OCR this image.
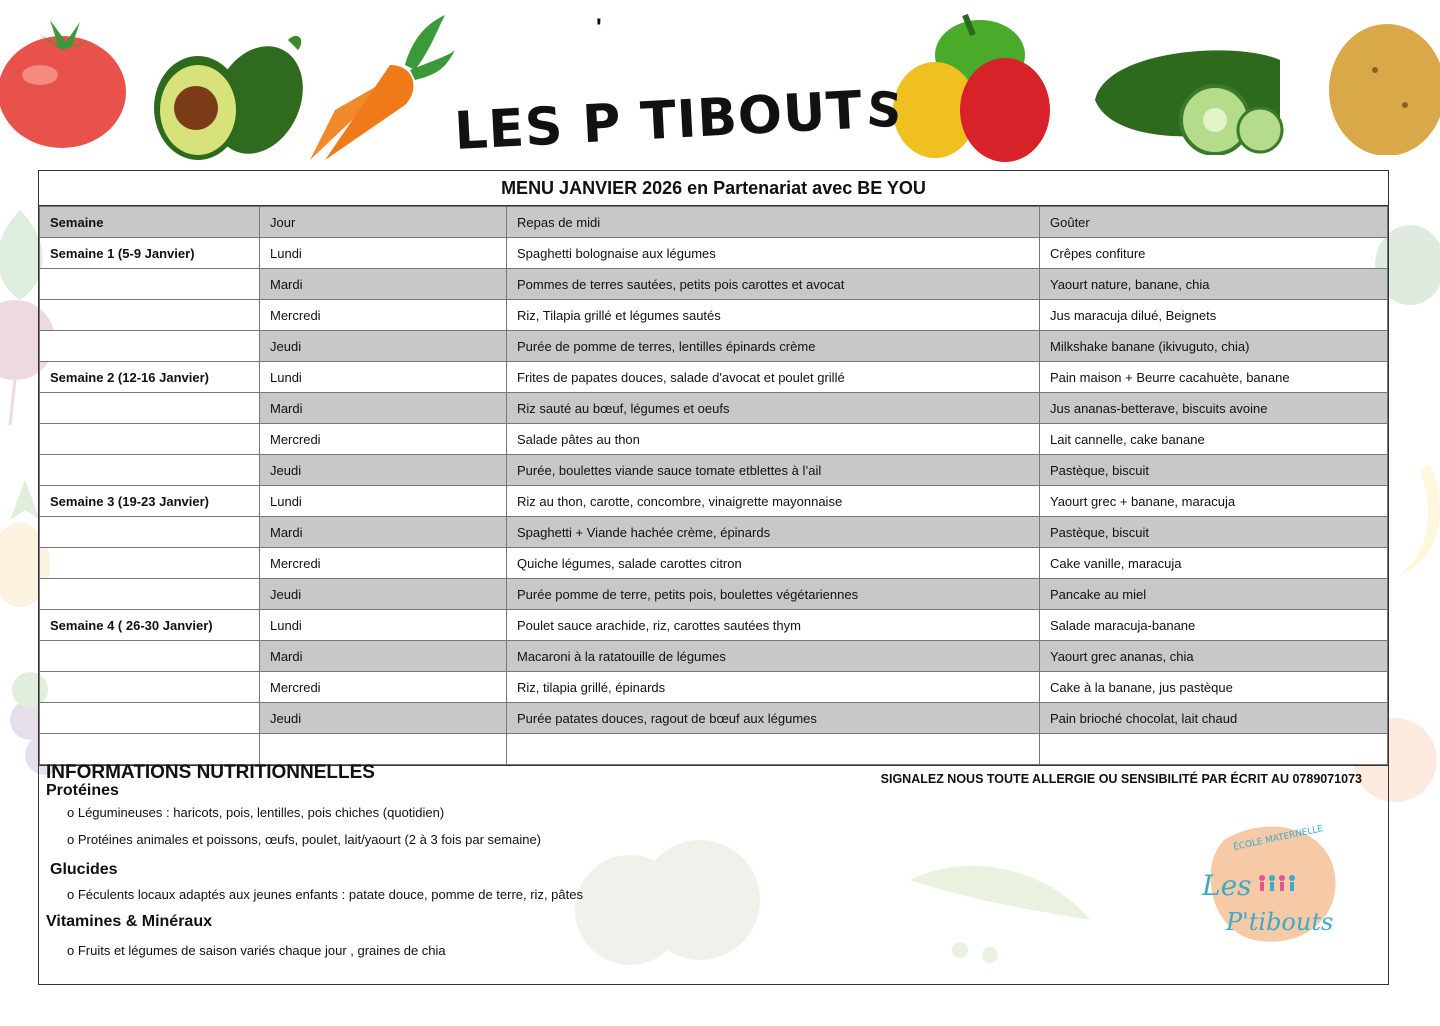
'
LES P TIBOUTS
MENU JANVIER 2026 en Partenariat avec BE YOU
Semaine	Jour	Repas de midi	Goûter
Semaine 1 (5-9 Janvier)	Lundi	Spaghetti bolognaise aux légumes	Crêpes confiture
	Mardi	Pommes de terres sautées, petits pois carottes et avocat	Yaourt nature, banane, chia
	Mercredi	Riz, Tilapia grillé et légumes sautés	Jus maracuja dilué, Beignets
	Jeudi	Purée de pomme de terres, lentilles épinards crème	Milkshake banane (ikivuguto, chia)
Semaine 2 (12-16 Janvier)	Lundi	Frites de papates douces, salade d'avocat et poulet grillé	Pain maison + Beurre cacahuète, banane
	Mardi	Riz sauté au bœuf, légumes et oeufs	Jus ananas-betterave, biscuits avoine
	Mercredi	Salade pâtes au thon	Lait cannelle, cake banane
	Jeudi	Purée, boulettes viande sauce tomate etblettes à l’ail	Pastèque, biscuit
Semaine 3 (19-23 Janvier)	Lundi	Riz au thon, carotte, concombre, vinaigrette mayonnaise	Yaourt grec + banane, maracuja
	Mardi	Spaghetti + Viande hachée crème, épinards	Pastèque, biscuit
	Mercredi	Quiche légumes, salade carottes citron	Cake vanille, maracuja
	Jeudi	Purée pomme de terre, petits pois, boulettes végétariennes	Pancake au miel
Semaine 4 ( 26-30 Janvier)	Lundi	Poulet sauce arachide, riz, carottes sautées thym	Salade maracuja-banane
	Mardi	Macaroni à la ratatouille de légumes	Yaourt grec ananas, chia
	Mercredi	Riz, tilapia grillé, épinards	Cake à la banane, jus pastèque
	Jeudi	Purée patates douces, ragout de bœuf aux légumes	Pain brioché chocolat, lait chaud

INFORMATIONS NUTRITIONNELLES	SIGNALEZ NOUS TOUTE ALLERGIE OU SENSIBILITÉ PAR ÉCRIT AU 0789071073
Protéines
o Légumineuses : haricots, pois, lentilles, pois chiches (quotidien)
o Protéines animales et poissons, œufs, poulet, lait/yaourt (2 à 3 fois par semaine)
Glucides
o Féculents locaux adaptés aux jeunes enfants : patate douce, pomme de terre, riz, pâtes
Vitamines & Minéraux
o Fruits et légumes de saison variés chaque jour , graines de chia
ÉCOLE MATERNELLE
Les
P'tibouts
